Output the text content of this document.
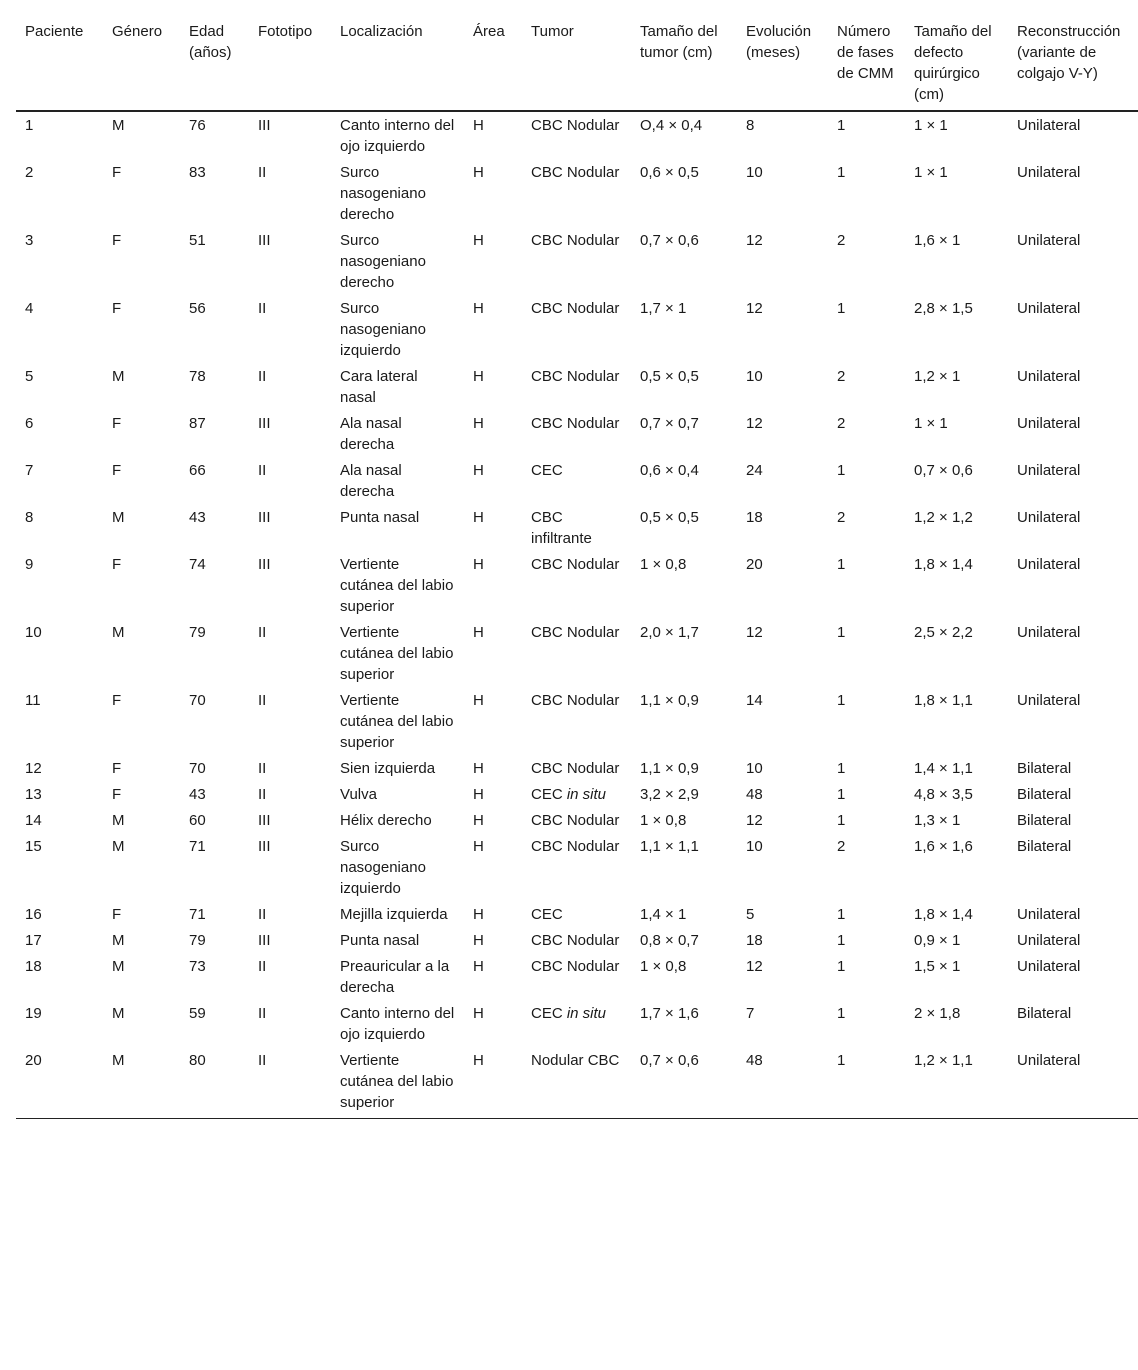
Paciente	Género	Edad (años)	Fototipo	Localización	Área	Tumor	Tamaño del tumor (cm)	Evolución (meses)	Número de fases de CMM	Tamaño del defecto quirúrgico (cm)	Reconstrucción (variante de colgajo V-Y)
1	M	76	III	Canto interno del ojo izquierdo	H	CBC Nodular	O,4 × 0,4	8	1	1 × 1	Unilateral
2	F	83	II	Surco nasogeniano derecho	H	CBC Nodular	0,6 × 0,5	10	1	1 × 1	Unilateral
3	F	51	III	Surco nasogeniano derecho	H	CBC Nodular	0,7 × 0,6	12	2	1,6 × 1	Unilateral
4	F	56	II	Surco nasogeniano izquierdo	H	CBC Nodular	1,7 × 1	12	1	2,8 × 1,5	Unilateral
5	M	78	II	Cara lateral nasal	H	CBC Nodular	0,5 × 0,5	10	2	1,2 × 1	Unilateral
6	F	87	III	Ala nasal derecha	H	CBC Nodular	0,7 × 0,7	12	2	1 × 1	Unilateral
7	F	66	II	Ala nasal derecha	H	CEC	0,6 × 0,4	24	1	0,7 × 0,6	Unilateral
8	M	43	III	Punta nasal	H	CBC infiltrante	0,5 × 0,5	18	2	1,2 × 1,2	Unilateral
9	F	74	III	Vertiente cutánea del labio superior	H	CBC Nodular	1 × 0,8	20	1	1,8 × 1,4	Unilateral
10	M	79	II	Vertiente cutánea del labio superior	H	CBC Nodular	2,0 × 1,7	12	1	2,5 × 2,2	Unilateral
11	F	70	II	Vertiente cutánea del labio superior	H	CBC Nodular	1,1 × 0,9	14	1	1,8 × 1,1	Unilateral
12	F	70	II	Sien izquierda	H	CBC Nodular	1,1 × 0,9	10	1	1,4 × 1,1	Bilateral
13	F	43	II	Vulva	H	CEC in situ	3,2 × 2,9	48	1	4,8 × 3,5	Bilateral
14	M	60	III	Hélix derecho	H	CBC Nodular	1 × 0,8	12	1	1,3 × 1	Bilateral
15	M	71	III	Surco nasogeniano izquierdo	H	CBC Nodular	1,1 × 1,1	10	2	1,6 × 1,6	Bilateral
16	F	71	II	Mejilla izquierda	H	CEC	1,4 × 1	5	1	1,8 × 1,4	Unilateral
17	M	79	III	Punta nasal	H	CBC Nodular	0,8 × 0,7	18	1	0,9 × 1	Unilateral
18	M	73	II	Preauricular a la derecha	H	CBC Nodular	1 × 0,8	12	1	1,5 × 1	Unilateral
19	M	59	II	Canto interno del ojo izquierdo	H	CEC in situ	1,7 × 1,6	7	1	2 × 1,8	Bilateral
20	M	80	II	Vertiente cutánea del labio superior	H	Nodular CBC	0,7 × 0,6	48	1	1,2 × 1,1	Unilateral
